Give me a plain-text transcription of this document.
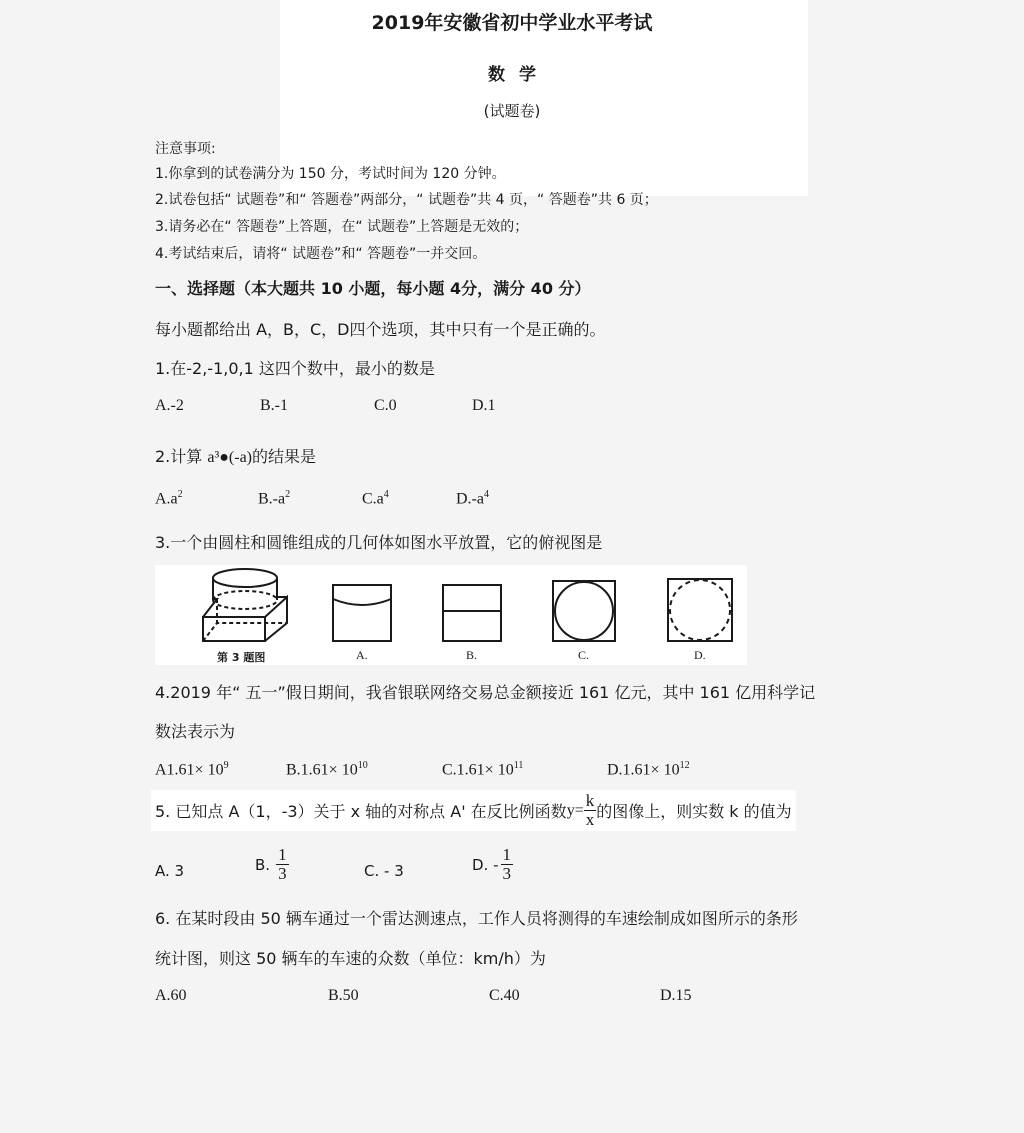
2019年安徽省初中学业水平考试
数学
(试题卷)
注意事项:
1.你拿到的试卷满分为 150 分，考试时间为 120 分钟。
2.试卷包括“ 试题卷”和“ 答题卷”两部分，“ 试题卷”共 4 页，“ 答题卷”共 6 页；
3.请务必在“ 答题卷”上答题，在“ 试题卷”上答题是无效的；
4.考试结束后，请将“ 试题卷”和“ 答题卷”一并交回。
一、选择题（本大题共 10 小题，每小题 4分，满分 40 分）
每小题都给出 A，B，C，D四个选项，其中只有一个是正确的。
1.在-2,-1,0,1 这四个数中，最小的数是
A.-2	B.-1	C.0	D.1
2.计算 a³●(-a)的结果是
$A.a^2$	$B.-a^2$	$C.a^4$	$D.-a^4$
3.一个由圆柱和圆锥组成的几何体如图水平放置，它的俯视图是
第 3 题图	A.	B.	C.	D.
4.2019 年“ 五一”假日期间，我省银联网络交易总金额接近 161 亿元，其中 161 亿用科学记
数法表示为
$A1.61\times 10^9$	$B.1.61\times 10^{10}$	$C.1.61\times 10^{11}$	$D.1.61\times 10^{12}$
5. 已知点 A（1，-3）关于 x 轴的对称点 A' 在反比例函数 $y= \frac{k}{x}$ 的图像上，则实数 k 的值为
A. 3	B. $\frac{1}{3}$	C. - 3	D. - $\frac{1}{3}$
6. 在某时段由 50 辆车通过一个雷达测速点，工作人员将测得的车速绘制成如图所示的条形
统计图，则这 50 辆车的车速的众数（单位：km/h）为
A.60	B.50	C.40	D.15
